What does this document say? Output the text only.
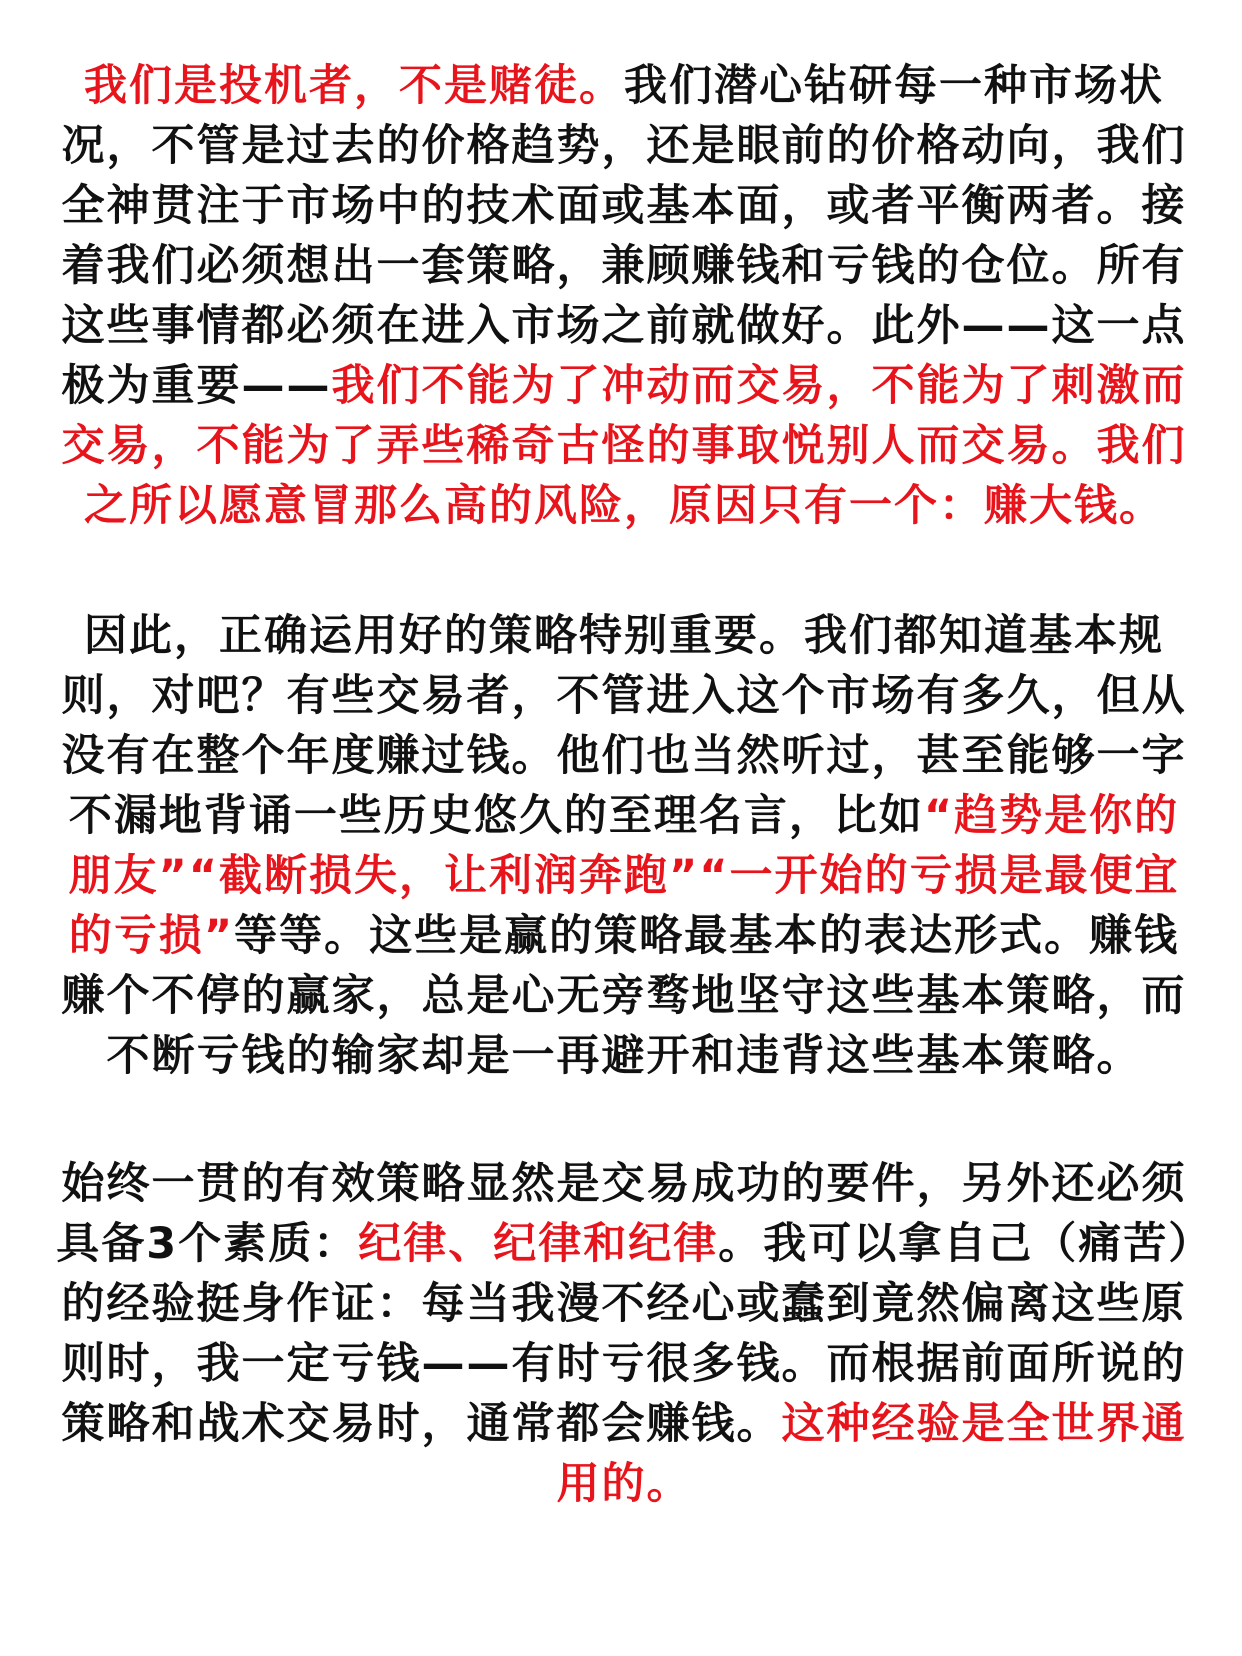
我们是投机者，不是赌徒。我们潜心钻研每一种市场状况，不管是过去的价格趋势，还是眼前的价格动向，我们全神贯注于市场中的技术面或基本面，或者平衡两者。接着我们必须想出一套策略，兼顾赚钱和亏钱的仓位。所有这些事情都必须在进入市场之前就做好。此外——这一点极为重要——我们不能为了冲动而交易，不能为了刺激而交易，不能为了弄些稀奇古怪的事取悦别人而交易。我们之所以愿意冒那么高的风险，原因只有一个：赚大钱。

因此，正确运用好的策略特别重要。我们都知道基本规则，对吧？有些交易者，不管进入这个市场有多久，但从没有在整个年度赚过钱。他们也当然听过，甚至能够一字不漏地背诵一些历史悠久的至理名言，比如“趋势是你的朋友”“截断损失，让利润奔跑”“一开始的亏损是最便宜的亏损”等等。这些是赢的策略最基本的表达形式。赚钱赚个不停的赢家，总是心无旁骛地坚守这些基本策略，而不断亏钱的输家却是一再避开和违背这些基本策略。

始终一贯的有效策略显然是交易成功的要件，另外还必须具备3个素质：纪律、纪律和纪律。我可以拿自己（痛苦）的经验挺身作证：每当我漫不经心或蠢到竟然偏离这些原则时，我一定亏钱——有时亏很多钱。而根据前面所说的策略和战术交易时，通常都会赚钱。这种经验是全世界通用的。
